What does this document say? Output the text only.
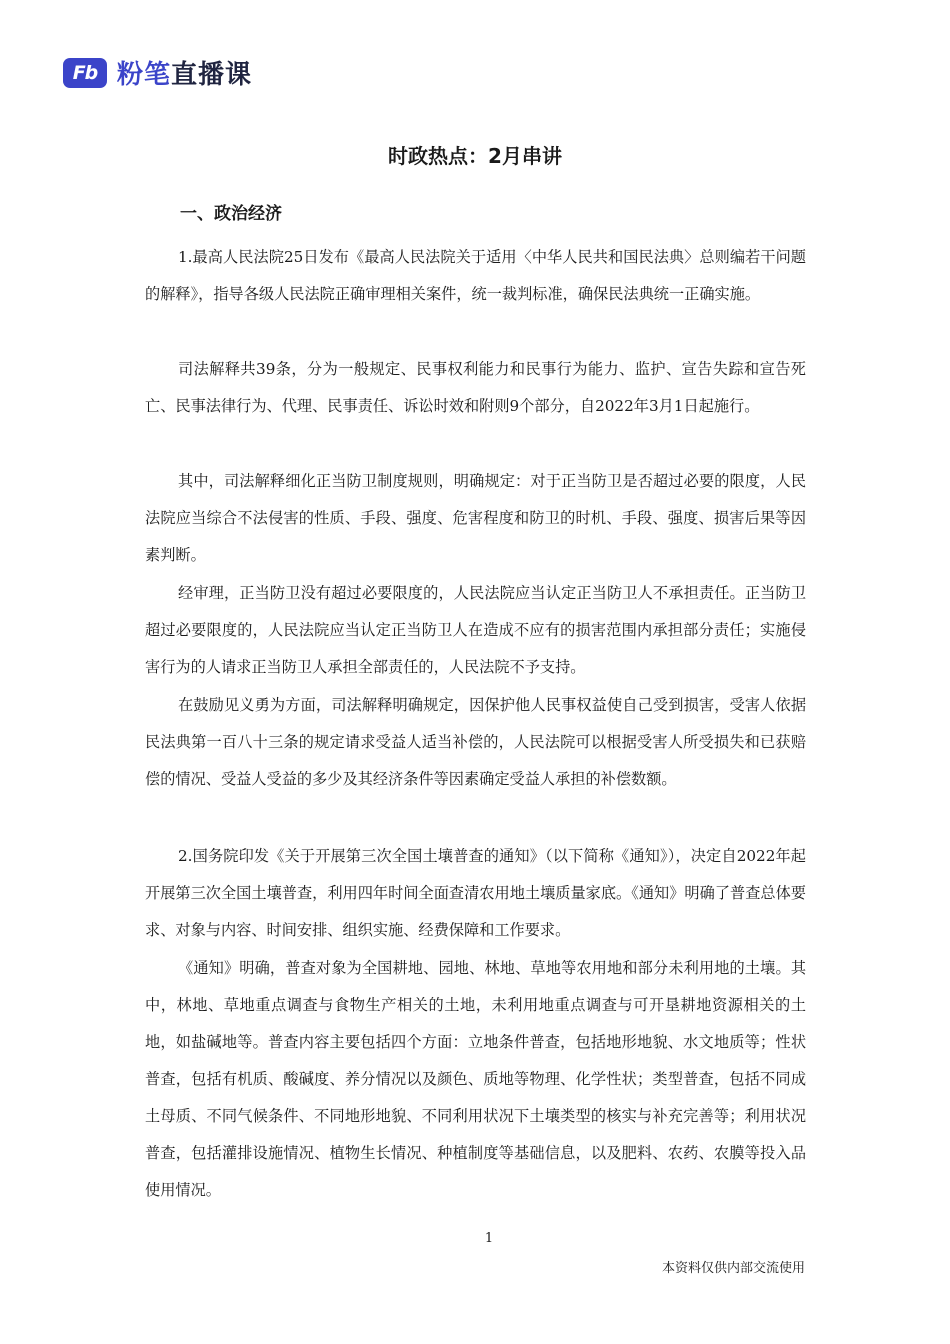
Fb 粉笔直播课
时政热点：2月串讲
一、政治经济

1.最高人民法院25日发布《最高人民法院关于适用〈中华人民共和国民法典〉总则编若干问题的解释》，指导各级人民法院正确审理相关案件，统一裁判标准，确保民法典统一正确实施。

司法解释共39条，分为一般规定、民事权利能力和民事行为能力、监护、宣告失踪和宣告死亡、民事法律行为、代理、民事责任、诉讼时效和附则9个部分，自2022年3月1日起施行。

其中，司法解释细化正当防卫制度规则，明确规定：对于正当防卫是否超过必要的限度，人民法院应当综合不法侵害的性质、手段、强度、危害程度和防卫的时机、手段、强度、损害后果等因素判断。

经审理，正当防卫没有超过必要限度的，人民法院应当认定正当防卫人不承担责任。正当防卫超过必要限度的，人民法院应当认定正当防卫人在造成不应有的损害范围内承担部分责任；实施侵害行为的人请求正当防卫人承担全部责任的，人民法院不予支持。

在鼓励见义勇为方面，司法解释明确规定，因保护他人民事权益使自己受到损害，受害人依据民法典第一百八十三条的规定请求受益人适当补偿的，人民法院可以根据受害人所受损失和已获赔偿的情况、受益人受益的多少及其经济条件等因素确定受益人承担的补偿数额。

2.国务院印发《关于开展第三次全国土壤普查的通知》（以下简称《通知》），决定自2022年起开展第三次全国土壤普查，利用四年时间全面查清农用地土壤质量家底。《通知》明确了普查总体要求、对象与内容、时间安排、组织实施、经费保障和工作要求。

《通知》明确，普查对象为全国耕地、园地、林地、草地等农用地和部分未利用地的土壤。其中，林地、草地重点调查与食物生产相关的土地，未利用地重点调查与可开垦耕地资源相关的土地，如盐碱地等。普查内容主要包括四个方面：立地条件普查，包括地形地貌、水文地质等；性状普查，包括有机质、酸碱度、养分情况以及颜色、质地等物理、化学性状；类型普查，包括不同成土母质、不同气候条件、不同地形地貌、不同利用状况下土壤类型的核实与补充完善等；利用状况普查，包括灌排设施情况、植物生长情况、种植制度等基础信息，以及肥料、农药、农膜等投入品使用情况。

1
本资料仅供内部交流使用
